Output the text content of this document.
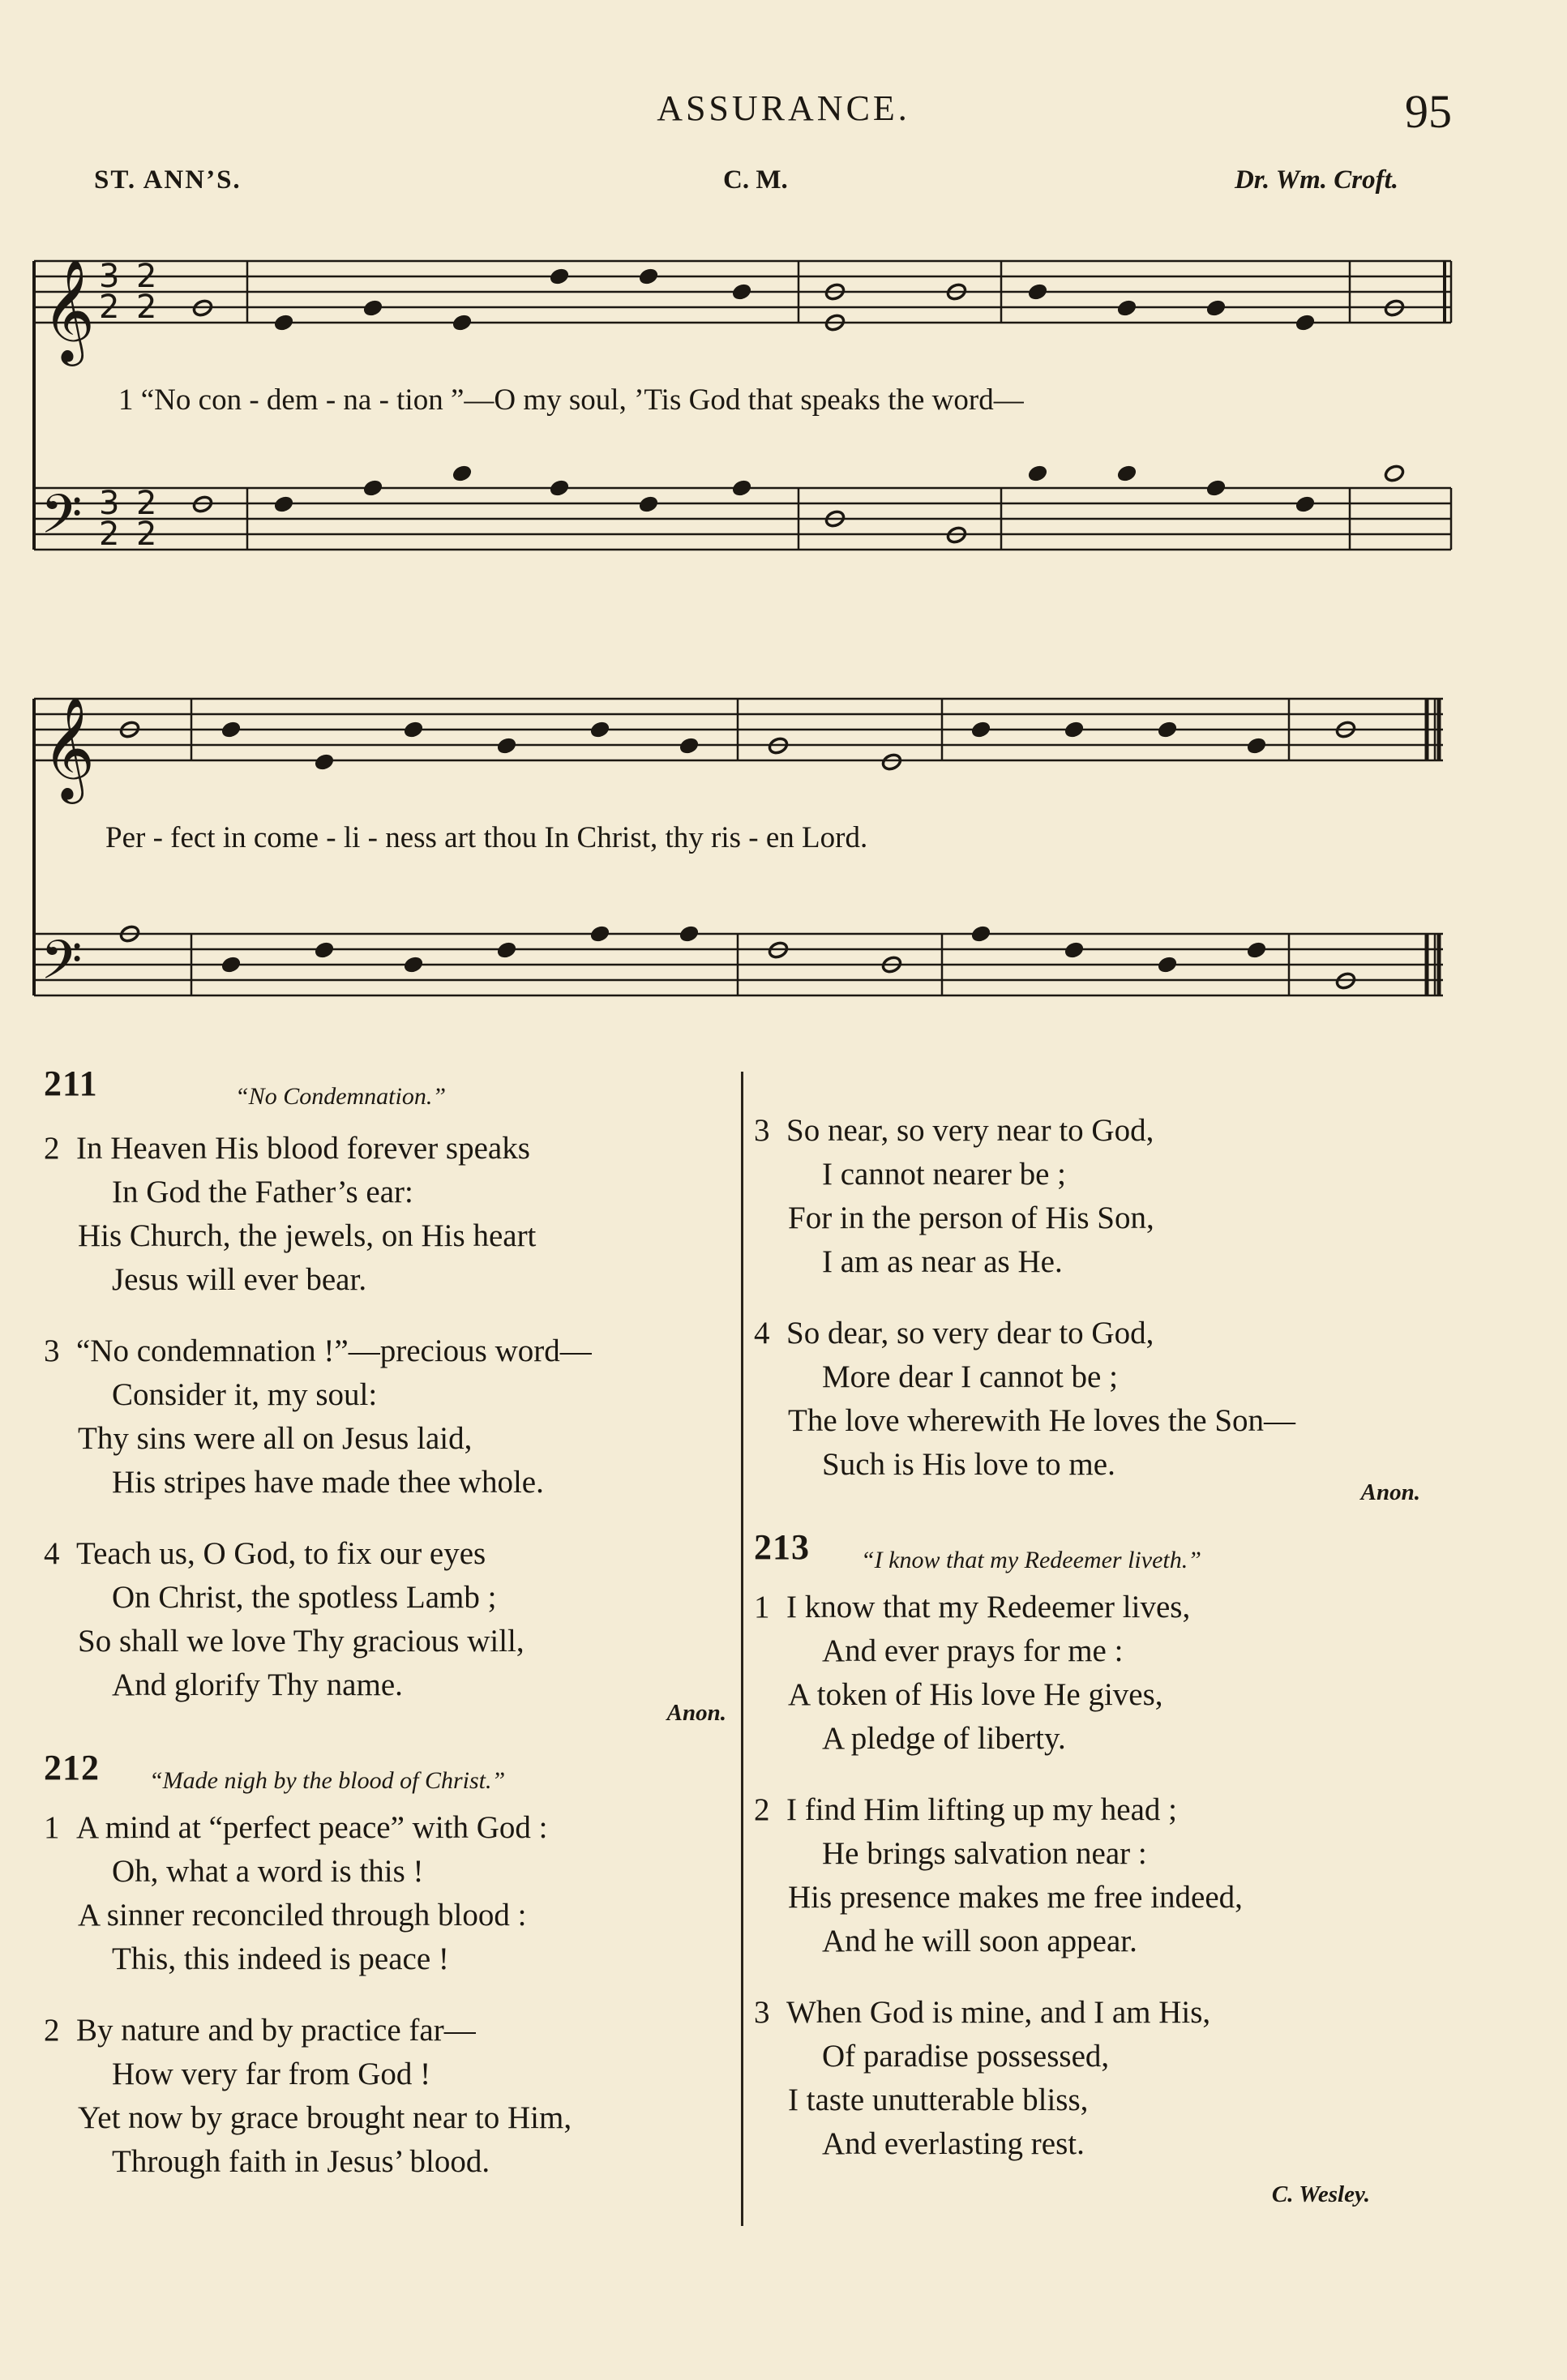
ASSURANCE.	95
ST. ANN’S.	C. M.	Dr. Wm. Croft.
𝄞 3 2
2 2
𝄢 3 2
2 2
𝄞
𝄢
1 “No con - dem - na - tion ”—O my soul, ’Tis God that speaks the word—
Per - fect in come - li - ness art thou In Christ, thy ris - en Lord.
211	“No Condemnation.”
2 In Heaven His blood forever speaks
In God the Father’s ear:
His Church, the jewels, on His heart
Jesus will ever bear.
3 “No condemnation !”—precious word—
Consider it, my soul:
Thy sins were all on Jesus laid,
His stripes have made thee whole.
4 Teach us, O God, to fix our eyes
On Christ, the spotless Lamb ;
So shall we love Thy gracious will,
And glorify Thy name.
Anon.
212 “Made nigh by the blood of Christ.”
1 A mind at “perfect peace” with God :
Oh, what a word is this !
A sinner reconciled through blood :
This, this indeed is peace !
2 By nature and by practice far—
How very far from God !
Yet now by grace brought near to Him,
Through faith in Jesus’ blood.
3 So near, so very near to God,
I cannot nearer be ;
For in the person of His Son,
I am as near as He.
4 So dear, so very dear to God,
More dear I cannot be ;
The love wherewith He loves the Son—
Such is His love to me.
Anon.
213 “I know that my Redeemer liveth.”
1 I know that my Redeemer lives,
And ever prays for me :
A token of His love He gives,
A pledge of liberty.
2 I find Him lifting up my head ;
He brings salvation near :
His presence makes me free indeed,
And he will soon appear.
3 When God is mine, and I am His,
Of paradise possessed,
I taste unutterable bliss,
And everlasting rest.
C. Wesley.
